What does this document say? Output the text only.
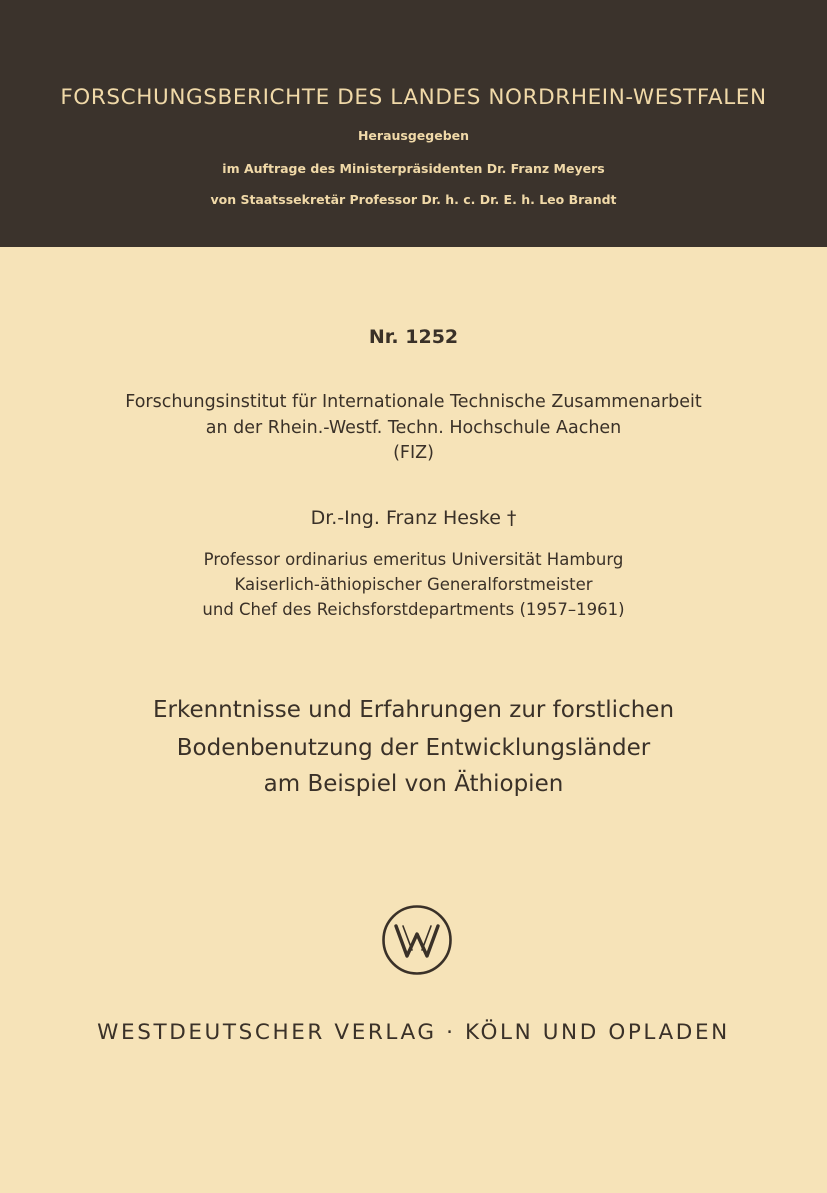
FORSCHUNGSBERICHTE DES LANDES NORDRHEIN-WESTFALEN
Herausgegeben
im Auftrage des Ministerpräsidenten Dr. Franz Meyers
von Staatssekretär Professor Dr. h. c. Dr. E. h. Leo Brandt
Nr. 1252
Forschungsinstitut für Internationale Technische Zusammenarbeit
an der Rhein.-Westf. Techn. Hochschule Aachen
(FIZ)
Dr.-Ing. Franz Heske †
Professor ordinarius emeritus Universität Hamburg
Kaiserlich-äthiopischer Generalforstmeister
und Chef des Reichsforstdepartments (1957–1961)
Erkenntnisse und Erfahrungen zur forstlichen
Bodenbenutzung der Entwicklungsländer
am Beispiel von Äthiopien
WESTDEUTSCHER VERLAG · KÖLN UND OPLADEN
